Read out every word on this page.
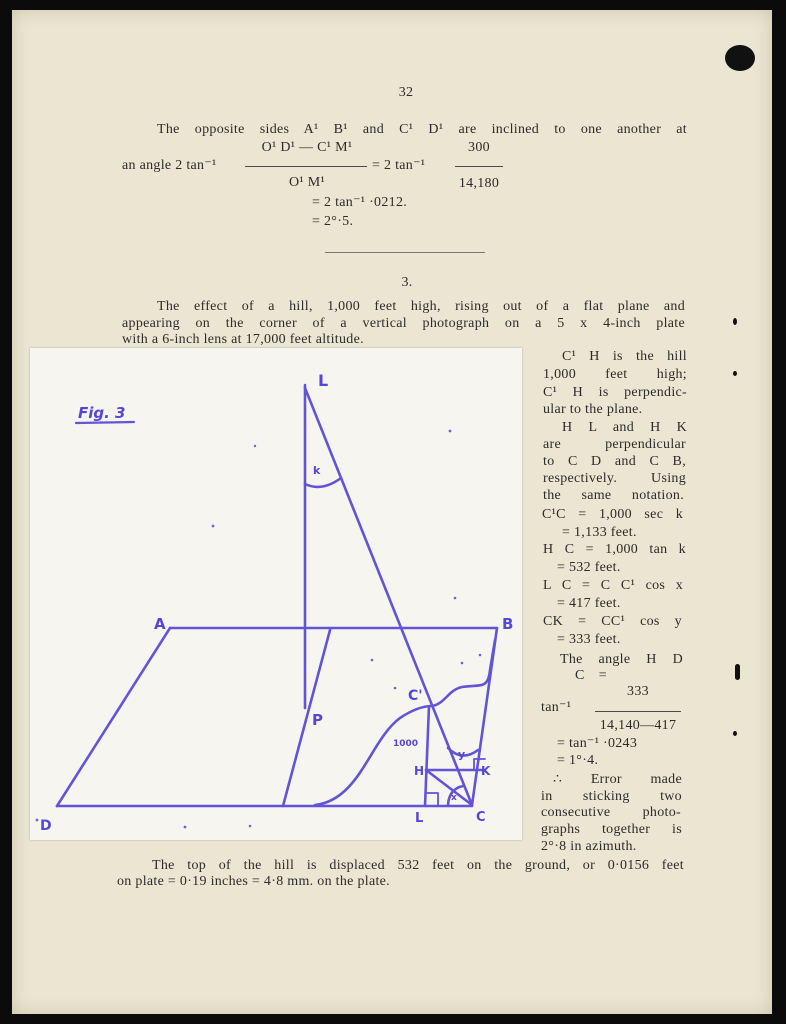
32
The opposite sides A¹ B¹ and C¹ D¹ are inclined to one another at
an angle 2 tan⁻¹
O¹ D¹ — C¹ M¹
O¹ M¹
= 2 tan⁻¹
300
14,180
= 2 tan⁻¹ ·0212.
= 2°·5.
3.
The effect of a hill, 1,000 feet high, rising out of a flat plane and
appearing on the corner of a vertical photograph on a 5 x 4-inch plate
with a 6-inch lens at 17,000 feet altitude.
Fig. 3
L
k
A	B
P
C'
1000
H	K
y
x
D	L	C
C¹ H is the hill
1,000 feet high;
C¹ H is perpendic-
ular to the plane.
H L and H K
are perpendicular
to C D and C B,
respectively. Using
the same notation.
C¹C = 1,000 sec k
= 1,133 feet.
H C = 1,000 tan k
= 532 feet.
L C = C C¹ cos x
= 417 feet.
CK = CC¹ cos y
= 333 feet.
The angle H D
C =
333
tan⁻¹
14,140—417
= tan⁻¹ ·0243
= 1°·4.
∴ Error made
in sticking two
consecutive photo-
graphs together is
2°·8 in azimuth.
The top of the hill is displaced 532 feet on the ground, or 0·0156 feet
on plate = 0·19 inches = 4·8 mm. on the plate.
